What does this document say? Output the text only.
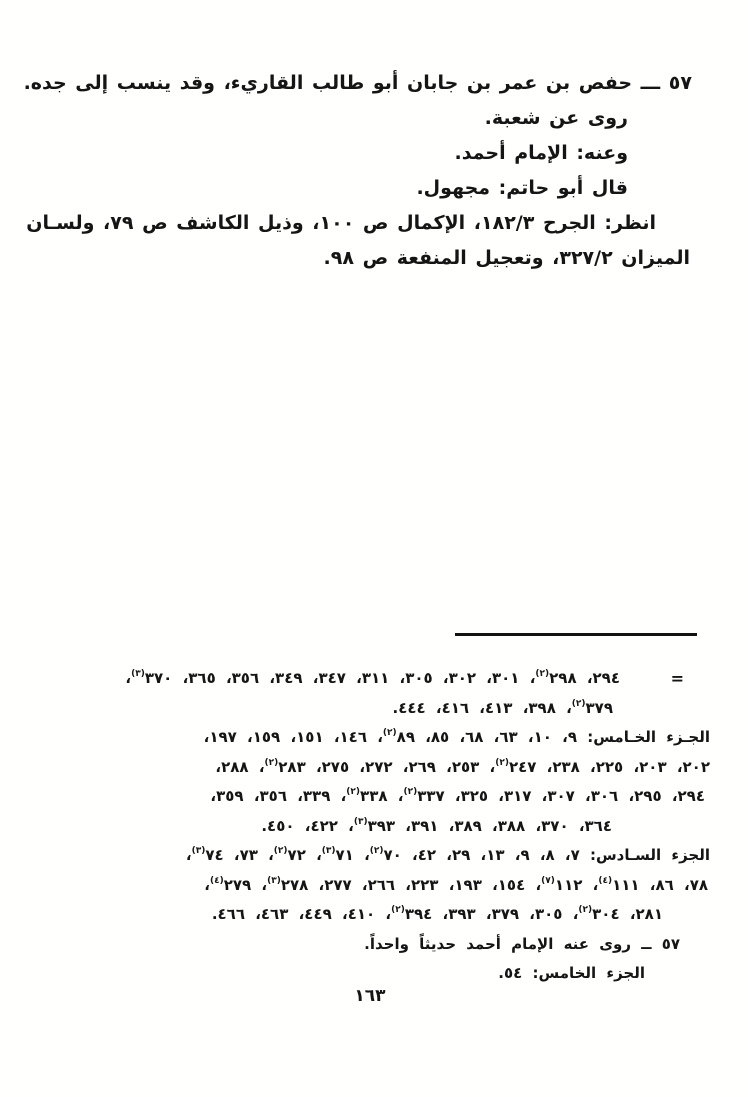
٥٧ ـــ حفص بن عمر بن جابان أبو طالب القاريء، وقد ينسب إلى جده.
روى عن شعبة.
وعنه: الإمام أحمد.
قال أبو حاتم: مجهول.
انظر: الجرح ١٨٢/٣، الإكمال ص ١٠٠، وذيل الكاشف ص ٧٩، ولسـان
الميزان ٣٢٧/٢، وتعجيل المنفعة ص ٩٨.
=
٢٩٤، ٢٩٨$^{(٢)}$، ٣٠١، ٣٠٢، ٣٠٥، ٣١١، ٣٤٧، ٣٤٩، ٣٥٦، ٣٦٥، ٣٧٠$^{(٣)}$،
٣٧٩$^{(٢)}$، ٣٩٨، ٤١٣، ٤١٦، ٤٤٤.
الجـزء الخـامس: ٩، ١٠، ٦٣، ٦٨، ٨٥، ٨٩$^{(٢)}$، ١٤٦، ١٥١، ١٥٩، ١٩٧،
٢٠٢، ٢٠٣، ٢٢٥، ٢٣٨، ٢٤٧$^{(٢)}$، ٢٥٣، ٢٦٩، ٢٧٢، ٢٧٥، ٢٨٣$^{(٢)}$، ٢٨٨،
٢٩٤، ٢٩٥، ٣٠٦، ٣٠٧، ٣١٧، ٣٢٥، ٣٣٧$^{(٢)}$، ٣٣٨$^{(٢)}$، ٣٣٩، ٣٥٦، ٣٥٩،
٣٦٤، ٣٧٠، ٣٨٨، ٣٨٩، ٣٩١، ٣٩٣$^{(٣)}$، ٤٢٢، ٤٥٠.
الجزء السـادس: ٧، ٨، ٩، ١٣، ٢٩، ٤٢، ٧٠$^{(٢)}$، ٧١$^{(٣)}$، ٧٢$^{(٢)}$، ٧٣، ٧٤$^{(٣)}$،
٧٨، ٨٦، ١١١$^{(٤)}$، ١١٢$^{(٧)}$، ١٥٤، ١٩٣، ٢٢٣، ٢٦٦، ٢٧٧، ٢٧٨$^{(٣)}$، ٢٧٩$^{(٤)}$،
٢٨١، ٣٠٤$^{(٢)}$، ٣٠٥، ٣٧٩، ٣٩٣، ٣٩٤$^{(٢)}$، ٤١٠، ٤٤٩، ٤٦٣، ٤٦٦.
٥٧ ــ روى عنه الإمام أحمد حديثاً واحداً.
الجزء الخامس: ٥٤.
١٦٣
